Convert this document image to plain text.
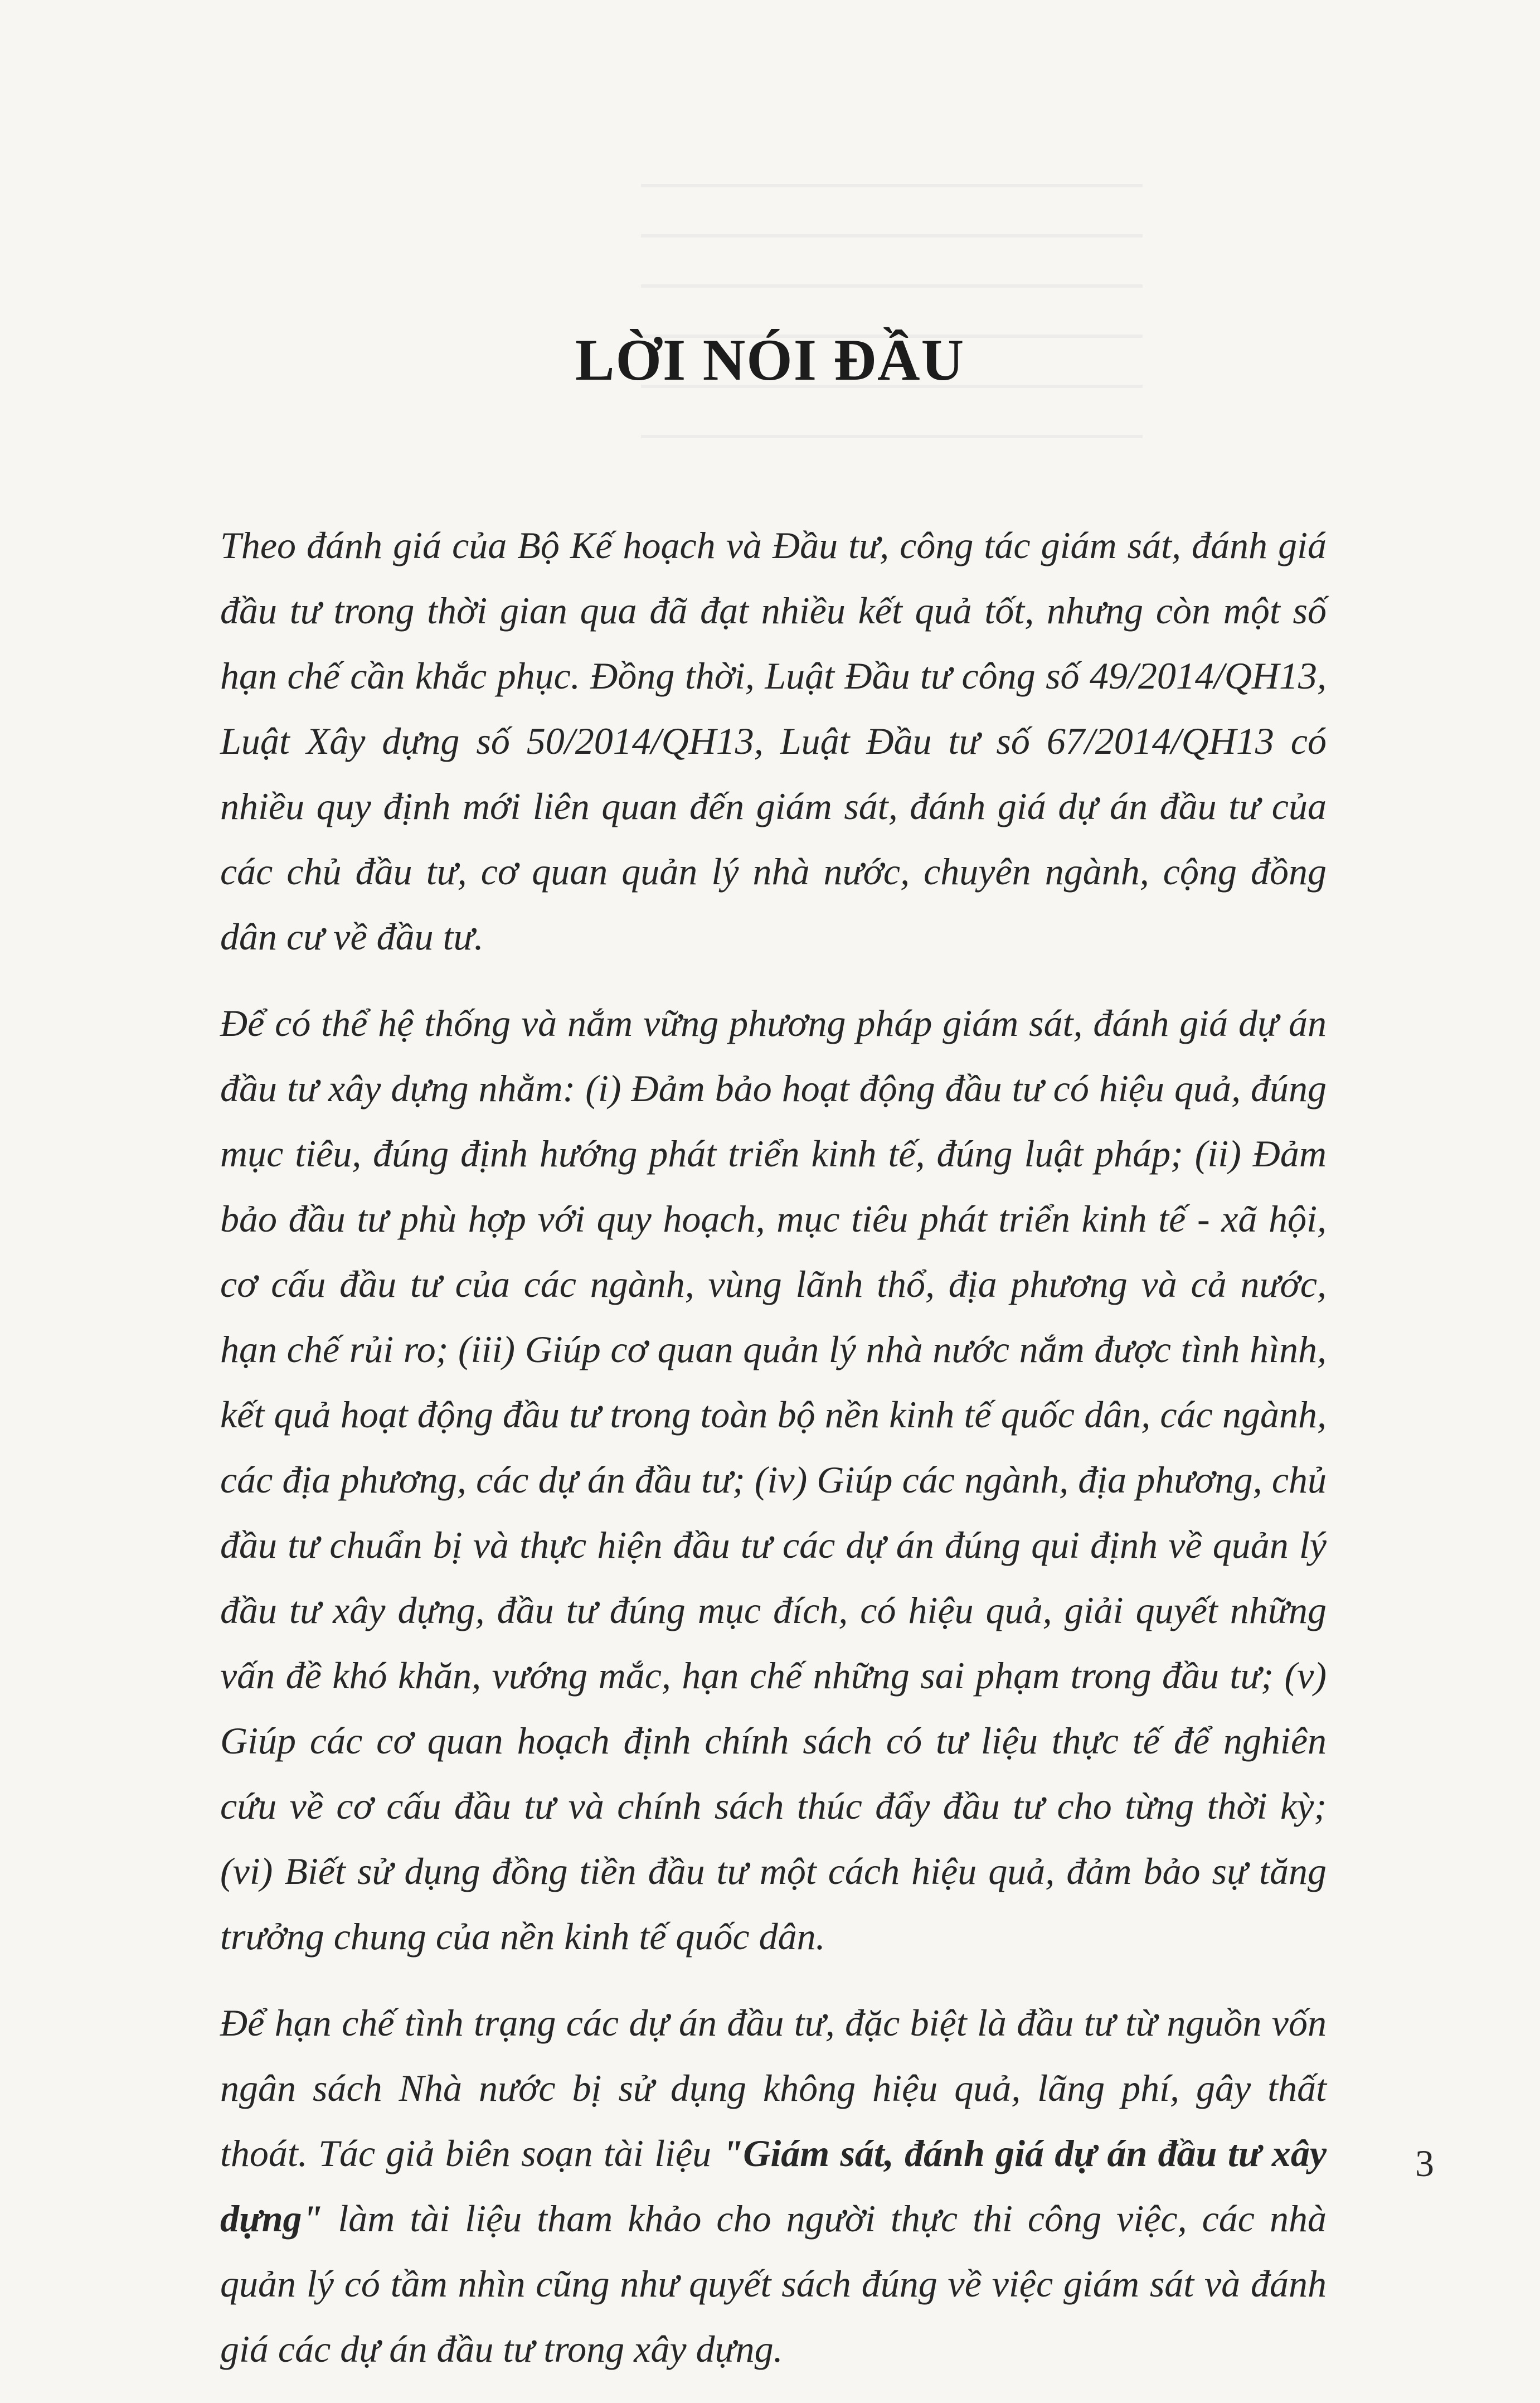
LỜI NÓI ĐẦU

Theo đánh giá của Bộ Kế hoạch và Đầu tư, công tác giám sát, đánh giá đầu tư trong thời gian qua đã đạt nhiều kết quả tốt, nhưng còn một số hạn chế cần khắc phục. Đồng thời, Luật Đầu tư công số 49/2014/QH13, Luật Xây dựng số 50/2014/QH13, Luật Đầu tư số 67/2014/QH13 có nhiều quy định mới liên quan đến giám sát, đánh giá dự án đầu tư của các chủ đầu tư, cơ quan quản lý nhà nước, chuyên ngành, cộng đồng dân cư về đầu tư.

Để có thể hệ thống và nắm vững phương pháp giám sát, đánh giá dự án đầu tư xây dựng nhằm: (i) Đảm bảo hoạt động đầu tư có hiệu quả, đúng mục tiêu, đúng định hướng phát triển kinh tế, đúng luật pháp; (ii) Đảm bảo đầu tư phù hợp với quy hoạch, mục tiêu phát triển kinh tế - xã hội, cơ cấu đầu tư của các ngành, vùng lãnh thổ, địa phương và cả nước, hạn chế rủi ro; (iii) Giúp cơ quan quản lý nhà nước nắm được tình hình, kết quả hoạt động đầu tư trong toàn bộ nền kinh tế quốc dân, các ngành, các địa phương, các dự án đầu tư; (iv) Giúp các ngành, địa phương, chủ đầu tư chuẩn bị và thực hiện đầu tư các dự án đúng qui định về quản lý đầu tư xây dựng, đầu tư đúng mục đích, có hiệu quả, giải quyết những vấn đề khó khăn, vướng mắc, hạn chế những sai phạm trong đầu tư; (v) Giúp các cơ quan hoạch định chính sách có tư liệu thực tế để nghiên cứu về cơ cấu đầu tư và chính sách thúc đẩy đầu tư cho từng thời kỳ; (vi) Biết sử dụng đồng tiền đầu tư một cách hiệu quả, đảm bảo sự tăng trưởng chung của nền kinh tế quốc dân.

Để hạn chế tình trạng các dự án đầu tư, đặc biệt là đầu tư từ nguồn vốn ngân sách Nhà nước bị sử dụng không hiệu quả, lãng phí, gây thất thoát. Tác giả biên soạn tài liệu "Giám sát, đánh giá dự án đầu tư xây dựng" làm tài liệu tham khảo cho người thực thi công việc, các nhà quản lý có tầm nhìn cũng như quyết sách đúng về việc giám sát và đánh giá các dự án đầu tư trong xây dựng.

3
